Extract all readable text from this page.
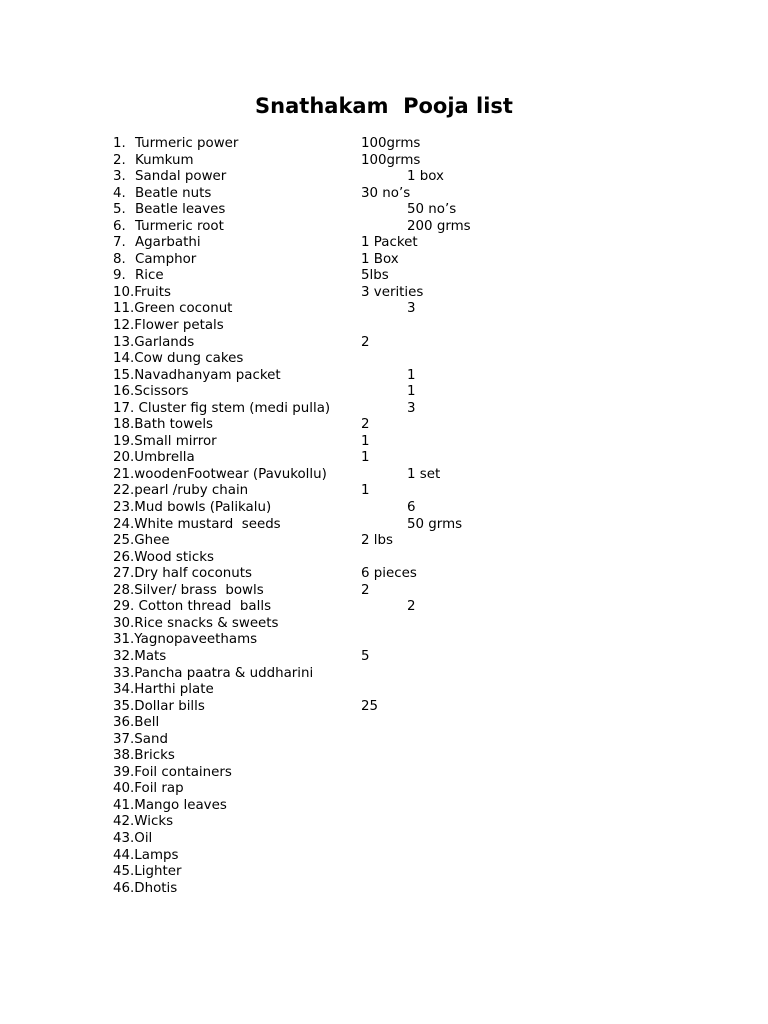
Snathakam  Pooja list
1. Turmeric power	100grms
2. Kumkum	100grms
3. Sandal power	1 box
4. Beatle nuts	30 no’s
5. Beatle leaves	50 no’s
6. Turmeric root	200 grms
7. Agarbathi	1 Packet
8. Camphor	1 Box
9. Rice	5lbs
10.Fruits	3 verities
11.Green coconut	3
12.Flower petals
13.Garlands	2
14.Cow dung cakes
15.Navadhanyam packet	1
16.Scissors	1
17. Cluster fig stem (medi pulla)	3
18.Bath towels	2
19.Small mirror	1
20.Umbrella	1
21.woodenFootwear (Pavukollu)	1 set
22.pearl /ruby chain	1
23.Mud bowls (Palikalu)	6
24.White mustard  seeds	50 grms
25.Ghee	2 lbs
26.Wood sticks
27.Dry half coconuts	6 pieces
28.Silver/ brass  bowls	2
29. Cotton thread  balls	2
30.Rice snacks & sweets
31.Yagnopaveethams
32.Mats	5
33.Pancha paatra & uddharini
34.Harthi plate
35.Dollar bills	25
36.Bell
37.Sand
38.Bricks
39.Foil containers
40.Foil rap
41.Mango leaves
42.Wicks
43.Oil
44.Lamps
45.Lighter
46.Dhotis
